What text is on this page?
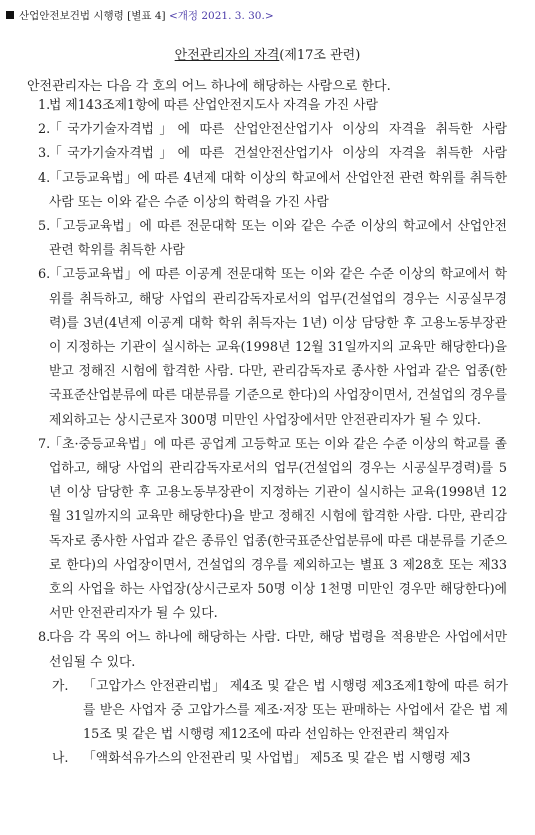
산업안전보건법 시행령 [별표 4] <개정 2021. 3. 30.>
안전관리자의 자격(제17조 관련)
안전관리자는 다음 각 호의 어느 하나에 해당하는 사람으로 한다.
1.
법 제143조제1항에 따른 산업안전지도사 자격을 가진 사람
2.
「국가기술자격법」에 따른 산업안전산업기사 이상의 자격을 취득한 사람
3.
「국가기술자격법」에 따른 건설안전산업기사 이상의 자격을 취득한 사람
4.
「고등교육법」에 따른 4년제 대학 이상의 학교에서 산업안전 관련 학위를 취득한 사람 또는 이와 같은 수준 이상의 학력을 가진 사람
5.
「고등교육법」에 따른 전문대학 또는 이와 같은 수준 이상의 학교에서 산업안전 관련 학위를 취득한 사람
6.
「고등교육법」에 따른 이공계 전문대학 또는 이와 같은 수준 이상의 학교에서 학위를 취득하고, 해당 사업의 관리감독자로서의 업무(건설업의 경우는 시공실무경력)를 3년(4년제 이공계 대학 학위 취득자는 1년) 이상 담당한 후 고용노동부장관이 지정하는 기관이 실시하는 교육(1998년 12월 31일까지의 교육만 해당한다)을 받고 정해진 시험에 합격한 사람. 다만, 관리감독자로 종사한 사업과 같은 업종(한국표준산업분류에 따른 대분류를 기준으로 한다)의 사업장이면서, 건설업의 경우를 제외하고는 상시근로자 300명 미만인 사업장에서만 안전관리자가 될 수 있다.
7.
「초·중등교육법」에 따른 공업계 고등학교 또는 이와 같은 수준 이상의 학교를 졸업하고, 해당 사업의 관리감독자로서의 업무(건설업의 경우는 시공실무경력)를 5년 이상 담당한 후 고용노동부장관이 지정하는 기관이 실시하는 교육(1998년 12월 31일까지의 교육만 해당한다)을 받고 정해진 시험에 합격한 사람. 다만, 관리감독자로 종사한 사업과 같은 종류인 업종(한국표준산업분류에 따른 대분류를 기준으로 한다)의 사업장이면서, 건설업의 경우를 제외하고는 별표 3 제28호 또는 제33호의 사업을 하는 사업장(상시근로자 50명 이상 1천명 미만인 경우만 해당한다)에서만 안전관리자가 될 수 있다.
8.
다음 각 목의 어느 하나에 해당하는 사람. 다만, 해당 법령을 적용받은 사업에서만 선임될 수 있다.
가. 「고압가스 안전관리법」 제4조 및 같은 법 시행령 제3조제1항에 따른 허가를 받은 사업자 중 고압가스를 제조·저장 또는 판매하는 사업에서 같은 법 제15조 및 같은 법 시행령 제12조에 따라 선임하는 안전관리 책임자
나. 「액화석유가스의 안전관리 및 사업법」 제5조 및 같은 법 시행령 제3
